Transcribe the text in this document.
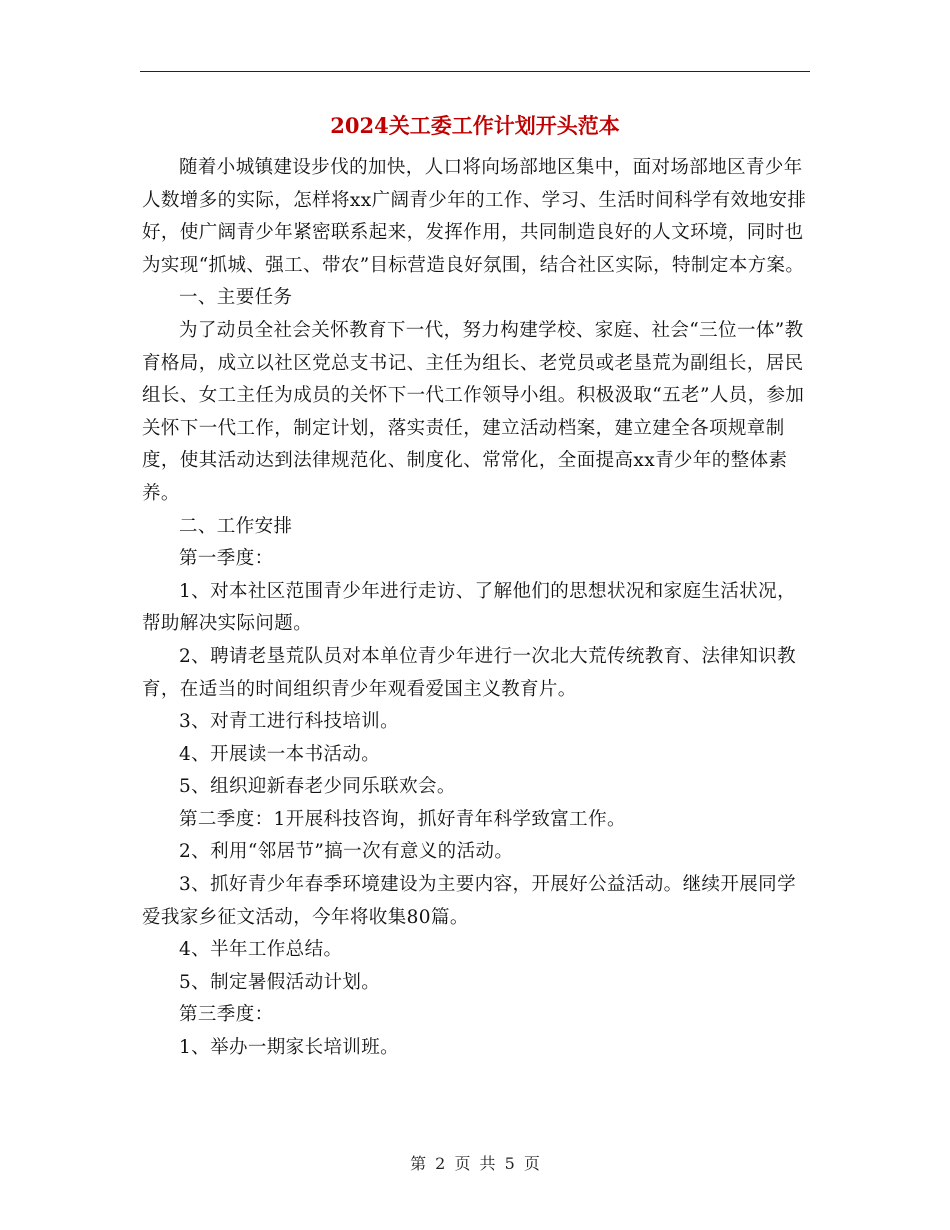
2024关工委工作计划开头范本

随着小城镇建设步伐的加快，人口将向场部地区集中，面对场部地区青少年人数增多的实际，怎样将xx广阔青少年的工作、学习、生活时间科学有效地安排好，使广阔青少年紧密联系起来，发挥作用，共同制造良好的人文环境，同时也为实现“抓城、强工、带农”目标营造良好氛围，结合社区实际，特制定本方案。

一、主要任务

为了动员全社会关怀教育下一代，努力构建学校、家庭、社会“三位一体”教育格局，成立以社区党总支书记、主任为组长、老党员或老垦荒为副组长，居民组长、女工主任为成员的关怀下一代工作领导小组。积极汲取“五老”人员，参加关怀下一代工作，制定计划，落实责任，建立活动档案，建立建全各项规章制度，使其活动达到法律规范化、制度化、常常化，全面提高xx青少年的整体素养。

二、工作安排

第一季度：

1、对本社区范围青少年进行走访、了解他们的思想状况和家庭生活状况，帮助解决实际问题。

2、聘请老垦荒队员对本单位青少年进行一次北大荒传统教育、法律知识教育，在适当的时间组织青少年观看爱国主义教育片。

3、对青工进行科技培训。

4、开展读一本书活动。

5、组织迎新春老少同乐联欢会。

第二季度：1开展科技咨询，抓好青年科学致富工作。

2、利用“邻居节”搞一次有意义的活动。

3、抓好青少年春季环境建设为主要内容，开展好公益活动。继续开展同学爱我家乡征文活动，今年将收集80篇。

4、半年工作总结。

5、制定暑假活动计划。

第三季度：

1、举办一期家长培训班。

第 2 页 共 5 页
